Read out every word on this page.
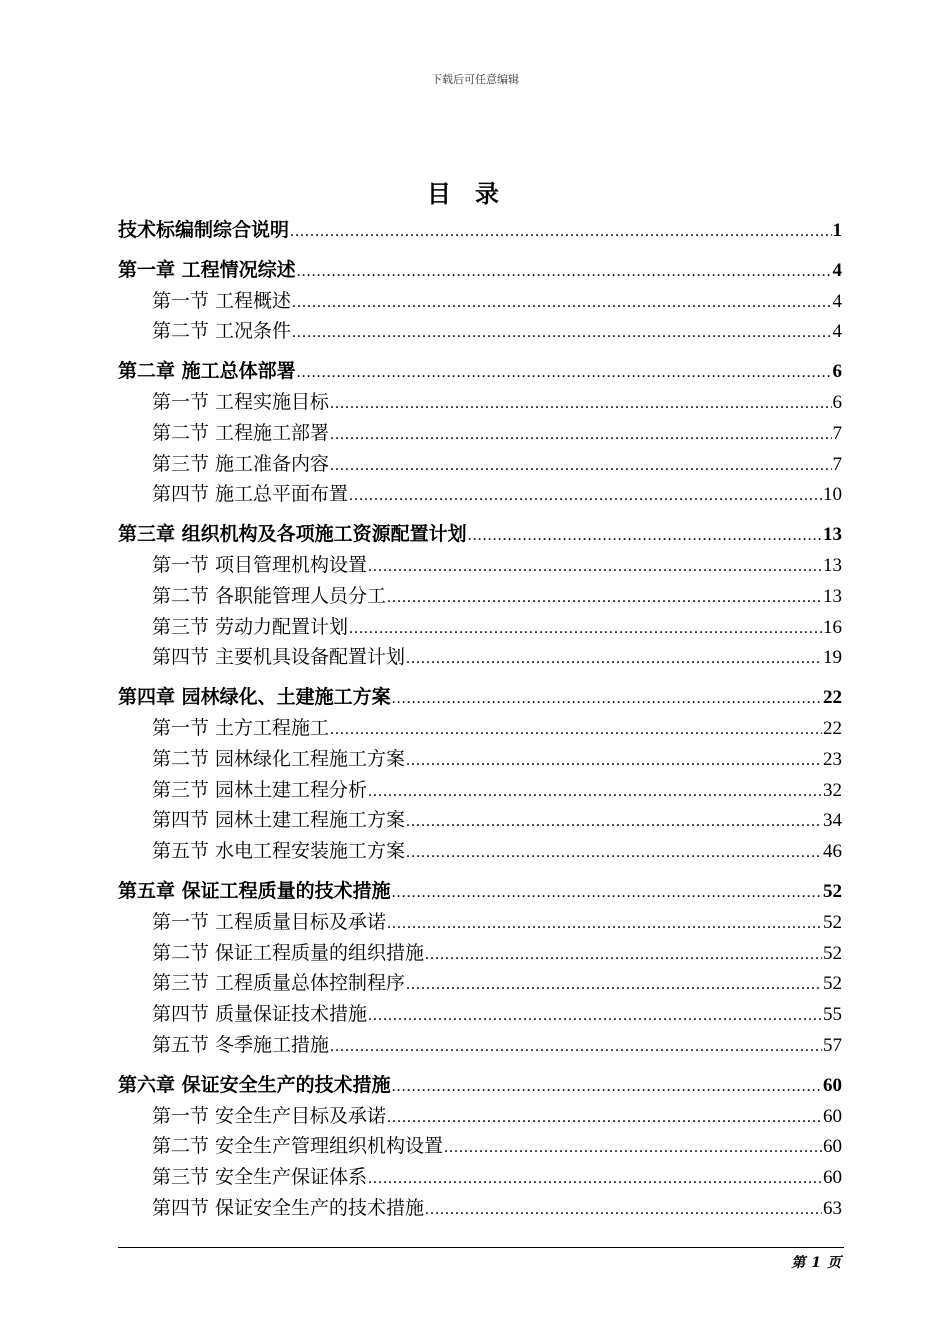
下载后可任意编辑
目录
技术标编制综合说明 .....	1
第一章 工程情况综述 .....	4
第一节 工程概述 .....	4
第二节 工况条件 .....	4
第二章 施工总体部署 .....	6
第一节 工程实施目标 .....	6
第二节 工程施工部署 .....	7
第三节 施工准备内容 .....	7
第四节 施工总平面布置 .....	10
第三章 组织机构及各项施工资源配置计划 .....	13
第一节 项目管理机构设置 .....	13
第二节 各职能管理人员分工 .....	13
第三节 劳动力配置计划 .....	16
第四节 主要机具设备配置计划 .....	19
第四章 园林绿化、土建施工方案 .....	22
第一节 土方工程施工 .....	22
第二节 园林绿化工程施工方案 .....	23
第三节 园林土建工程分析 .....	32
第四节 园林土建工程施工方案 .....	34
第五节 水电工程安装施工方案 .....	46
第五章 保证工程质量的技术措施 .....	52
第一节 工程质量目标及承诺 .....	52
第二节 保证工程质量的组织措施 .....	52
第三节 工程质量总体控制程序 .....	52
第四节 质量保证技术措施 .....	55
第五节 冬季施工措施 .....	57
第六章 保证安全生产的技术措施 .....	60
第一节 安全生产目标及承诺 .....	60
第二节 安全生产管理组织机构设置 .....	60
第三节 安全生产保证体系 .....	60
第四节 保证安全生产的技术措施 .....	63
第 1 页
